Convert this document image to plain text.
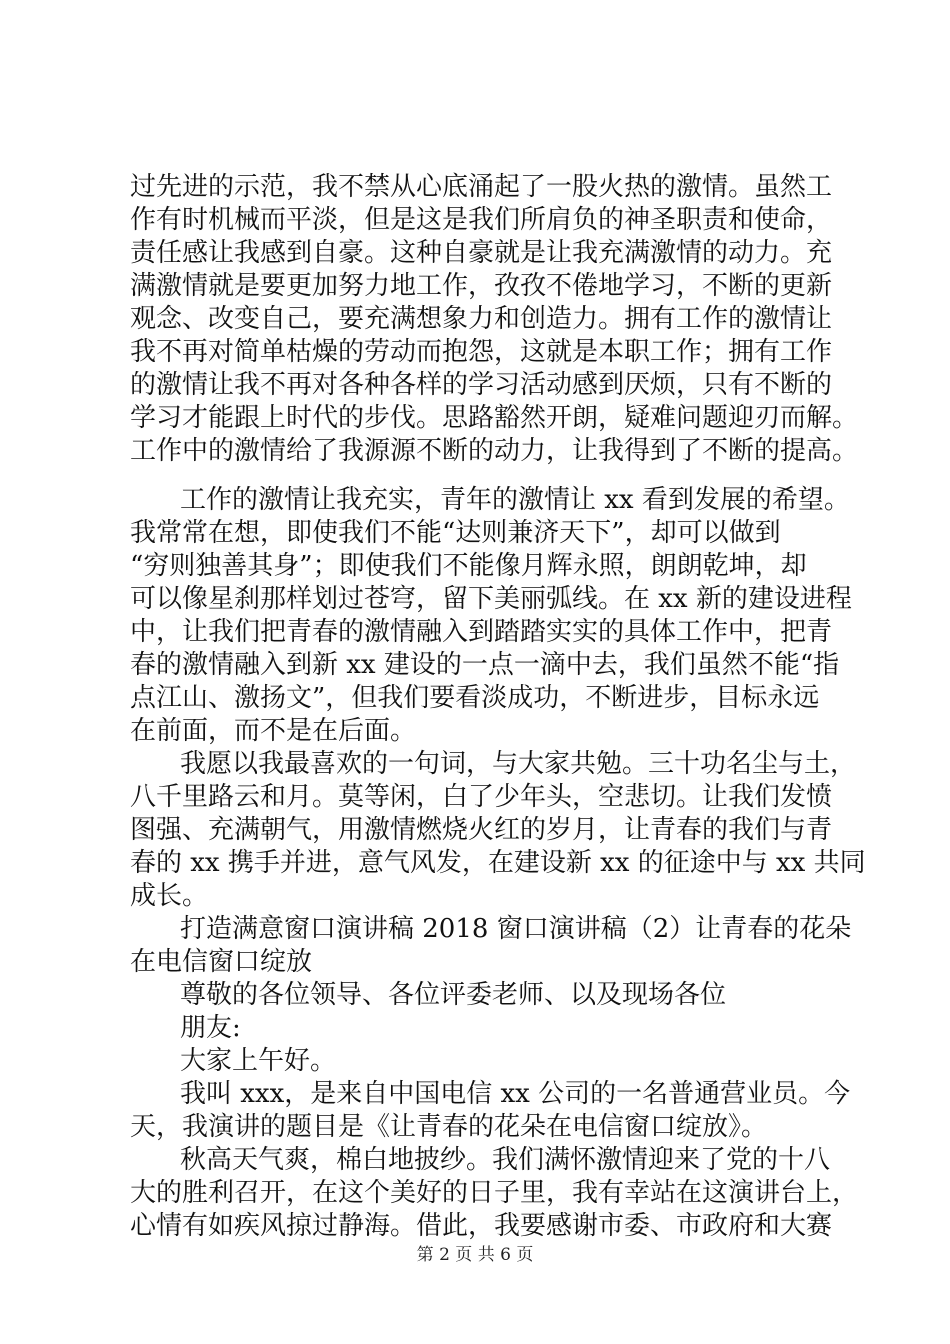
过先进的示范，我不禁从心底涌起了一股火热的激情。虽然工
作有时机械而平淡，但是这是我们所肩负的神圣职责和使命，
责任感让我感到自豪。这种自豪就是让我充满激情的动力。充
满激情就是要更加努力地工作，孜孜不倦地学习，不断的更新
观念、改变自己，要充满想象力和创造力。拥有工作的激情让
我不再对简单枯燥的劳动而抱怨，这就是本职工作；拥有工作
的激情让我不再对各种各样的学习活动感到厌烦，只有不断的
学习才能跟上时代的步伐。思路豁然开朗，疑难问题迎刃而解。
工作中的激情给了我源源不断的动力，让我得到了不断的提高。
工作的激情让我充实，青年的激情让 xx 看到发展的希望。
我常常在想，即使我们不能“达则兼济天下”，却可以做到
“穷则独善其身”；即使我们不能像月辉永照，朗朗乾坤，却
可以像星刹那样划过苍穹，留下美丽弧线。在 xx 新的建设进程
中，让我们把青春的激情融入到踏踏实实的具体工作中，把青
春的激情融入到新 xx 建设的一点一滴中去，我们虽然不能“指
点江山、激扬文”，但我们要看淡成功，不断进步，目标永远
在前面，而不是在后面。
我愿以我最喜欢的一句词，与大家共勉。三十功名尘与土，
八千里路云和月。莫等闲，白了少年头，空悲切。让我们发愤
图强、充满朝气，用激情燃烧火红的岁月，让青春的我们与青
春的 xx 携手并进，意气风发，在建设新 xx 的征途中与 xx 共同
成长。
打造满意窗口演讲稿 2018 窗口演讲稿（2）让青春的花朵
在电信窗口绽放
尊敬的各位领导、各位评委老师、以及现场各位
朋友:
大家上午好。
我叫 xxx，是来自中国电信 xx 公司的一名普通营业员。今
天，我演讲的题目是《让青春的花朵在电信窗口绽放》。
秋高天气爽，棉白地披纱。我们满怀激情迎来了党的十八
大的胜利召开，在这个美好的日子里，我有幸站在这演讲台上，
心情有如疾风掠过静海。借此，我要感谢市委、市政府和大赛
第 2 页 共 6 页
